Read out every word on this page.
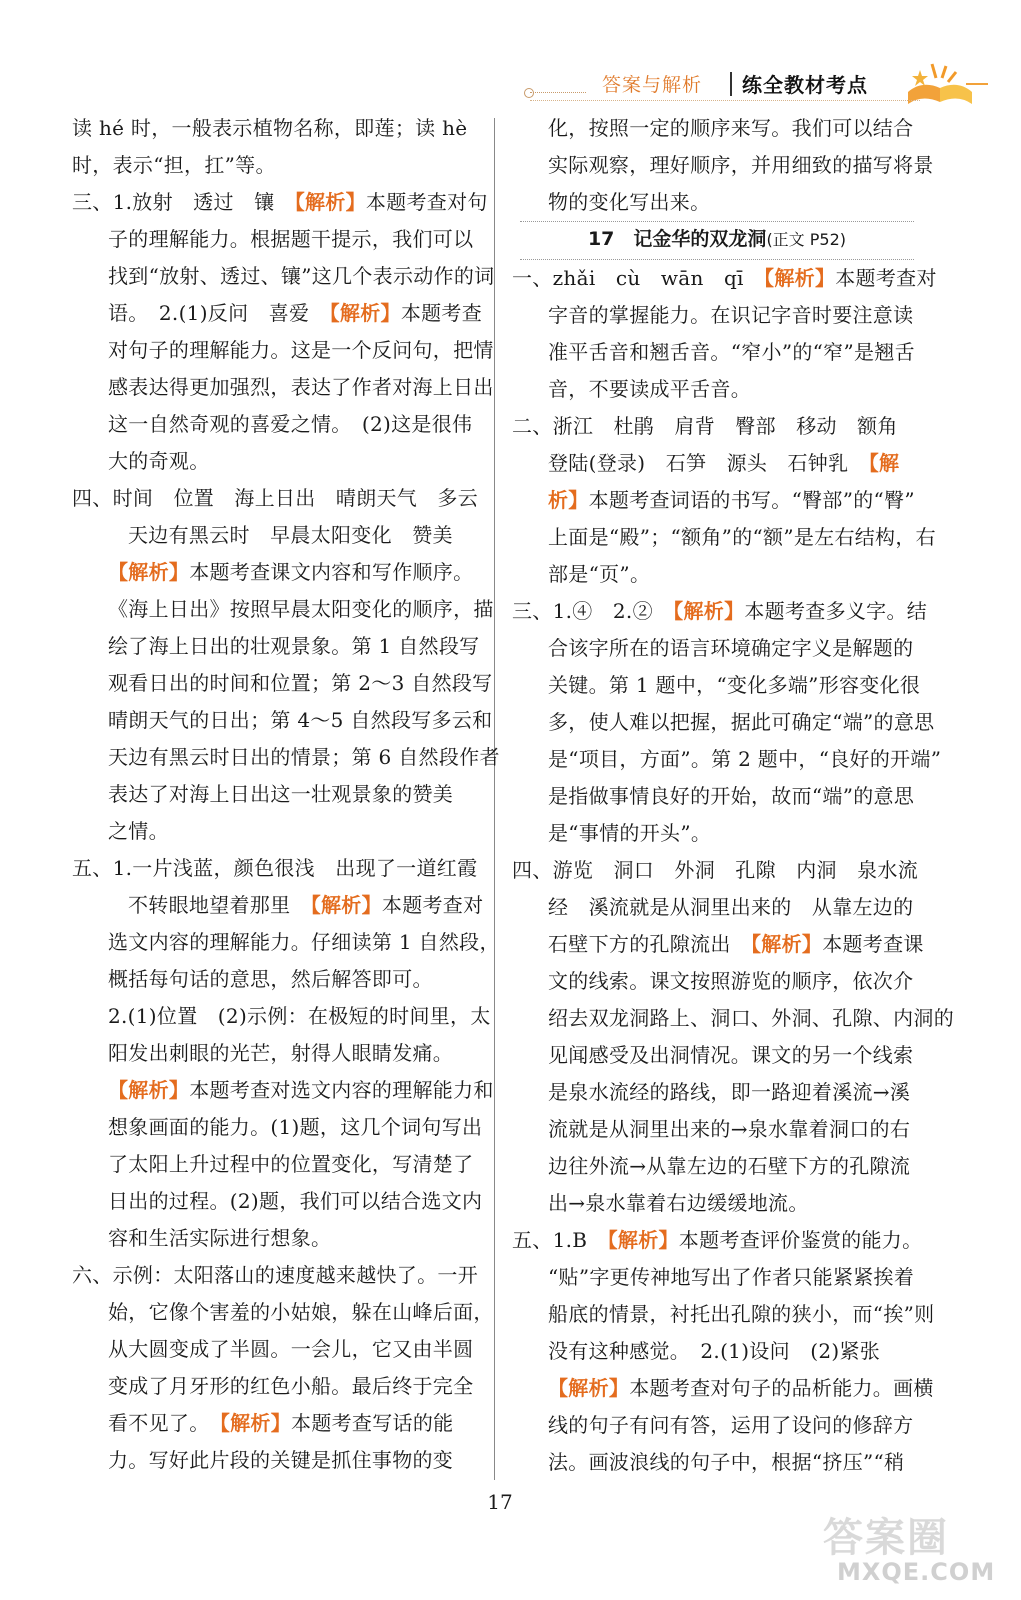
答案与解析 练全教材考点
读 hé 时，一般表示植物名称，即莲；读 hè
时，表示“担，扛”等。
三、1.放射　透过　镶　【解析】本题考查对句
子的理解能力。根据题干提示，我们可以
找到“放射、透过、镶”这几个表示动作的词
语。　2.(1)反问　喜爱　【解析】本题考查
对句子的理解能力。这是一个反问句，把情
感表达得更加强烈，表达了作者对海上日出
这一自然奇观的喜爱之情。　(2)这是很伟
大的奇观。
四、时间　位置　海上日出　晴朗天气　多云
天边有黑云时　早晨太阳变化　赞美
【解析】本题考查课文内容和写作顺序。
《海上日出》按照早晨太阳变化的顺序，描
绘了海上日出的壮观景象。第 1 自然段写
观看日出的时间和位置；第 2～3 自然段写
晴朗天气的日出；第 4～5 自然段写多云和
天边有黑云时日出的情景；第 6 自然段作者
表达了对海上日出这一壮观景象的赞美
之情。
五、1.一片浅蓝，颜色很浅　出现了一道红霞
不转眼地望着那里　【解析】本题考查对
选文内容的理解能力。仔细读第 1 自然段，
概括每句话的意思，然后解答即可。
2.(1)位置　(2)示例：在极短的时间里，太
阳发出刺眼的光芒，射得人眼睛发痛。
【解析】本题考查对选文内容的理解能力和
想象画面的能力。(1)题，这几个词句写出
了太阳上升过程中的位置变化，写清楚了
日出的过程。(2)题，我们可以结合选文内
容和生活实际进行想象。
六、示例：太阳落山的速度越来越快了。一开
始，它像个害羞的小姑娘，躲在山峰后面，
从大圆变成了半圆。一会儿，它又由半圆
变成了月牙形的红色小船。最后终于完全
看不见了。　【解析】本题考查写话的能
力。写好此片段的关键是抓住事物的变
化，按照一定的顺序来写。我们可以结合
实际观察，理好顺序，并用细致的描写将景
物的变化写出来。
17　 记金华的双龙洞(正文 P52)
一、zhǎi　cù　wān　qī　【解析】本题考查对
字音的掌握能力。在识记字音时要注意读
准平舌音和翘舌音。“窄小”的“窄”是翘舌
音，不要读成平舌音。
二、浙江　杜鹃　肩背　臀部　移动　额角
登陆(登录)　石笋　源头　石钟乳　【解
析】本题考查词语的书写。“臀部”的“臀”
上面是“殿”；“额角”的“额”是左右结构，右
部是“页”。
三、1.④　2.②　【解析】本题考查多义字。结
合该字所在的语言环境确定字义是解题的
关键。第 1 题中，“变化多端”形容变化很
多，使人难以把握，据此可确定“端”的意思
是“项目，方面”。第 2 题中，“良好的开端”
是指做事情良好的开始，故而“端”的意思
是“事情的开头”。
四、游览　洞口　外洞　孔隙　内洞　泉水流
经　溪流就是从洞里出来的　从靠左边的
石壁下方的孔隙流出　【解析】本题考查课
文的线索。课文按照游览的顺序，依次介
绍去双龙洞路上、洞口、外洞、孔隙、内洞的
见闻感受及出洞情况。课文的另一个线索
是泉水流经的路线，即一路迎着溪流→溪
流就是从洞里出来的→泉水靠着洞口的右
边往外流→从靠左边的石壁下方的孔隙流
出→泉水靠着右边缓缓地流。
五、1.B　【解析】本题考查评价鉴赏的能力。
“贴”字更传神地写出了作者只能紧紧挨着
船底的情景，衬托出孔隙的狭小，而“挨”则
没有这种感觉。　2.(1)设问　(2)紧张
【解析】本题考查对句子的品析能力。画横
线的句子有问有答，运用了设问的修辞方
法。画波浪线的句子中，根据“挤压”“稍
17
答案圈
MXQE.COM
